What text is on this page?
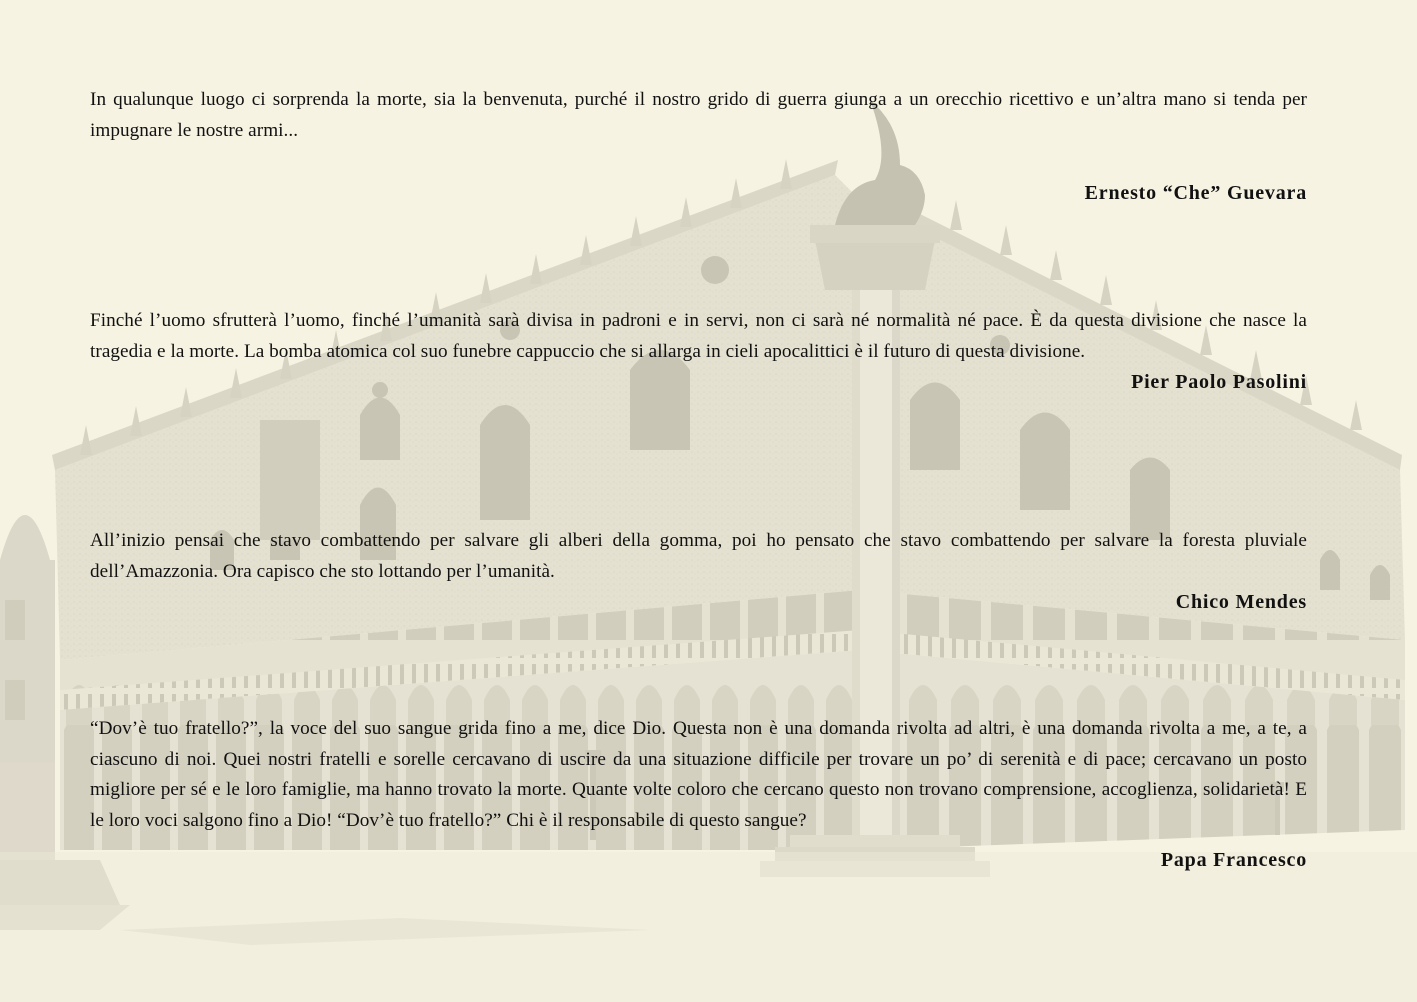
In qualunque luogo ci sorprenda la morte, sia la benvenuta, purché il nostro grido di guerra giunga a un orecchio ricettivo e un’altra mano si tenda per impugnare le nostre armi...

Ernesto “Che” Guevara

Finché l’uomo sfrutterà l’uomo, finché l’umanità sarà divisa in padroni e in servi, non ci sarà né normalità né pace. È da questa divisione che nasce la tragedia e la morte. La bomba atomica col suo funebre cappuccio che si allarga in cieli apocalittici è il futuro di questa divisione.

Pier Paolo Pasolini

All’inizio pensai che stavo combattendo per salvare gli alberi della gomma, poi ho pensato che stavo combattendo per salvare la foresta pluviale dell’Amazzonia. Ora capisco che sto lottando per l’umanità.

Chico Mendes

“Dov’è tuo fratello?”, la voce del suo sangue grida fino a me, dice Dio. Questa non è una domanda rivolta ad altri, è una domanda rivolta a me, a te, a ciascuno di noi. Quei nostri fratelli e sorelle cercavano di uscire da una situazione difficile per trovare un po’ di serenità e di pace; cercavano un posto migliore per sé e le loro famiglie, ma hanno trovato la morte. Quante volte coloro che cercano questo non trovano comprensione, accoglienza, solidarietà! E le loro voci salgono fino a Dio! “Dov’è tuo fratello?” Chi è il responsabile di questo sangue?

Papa Francesco
